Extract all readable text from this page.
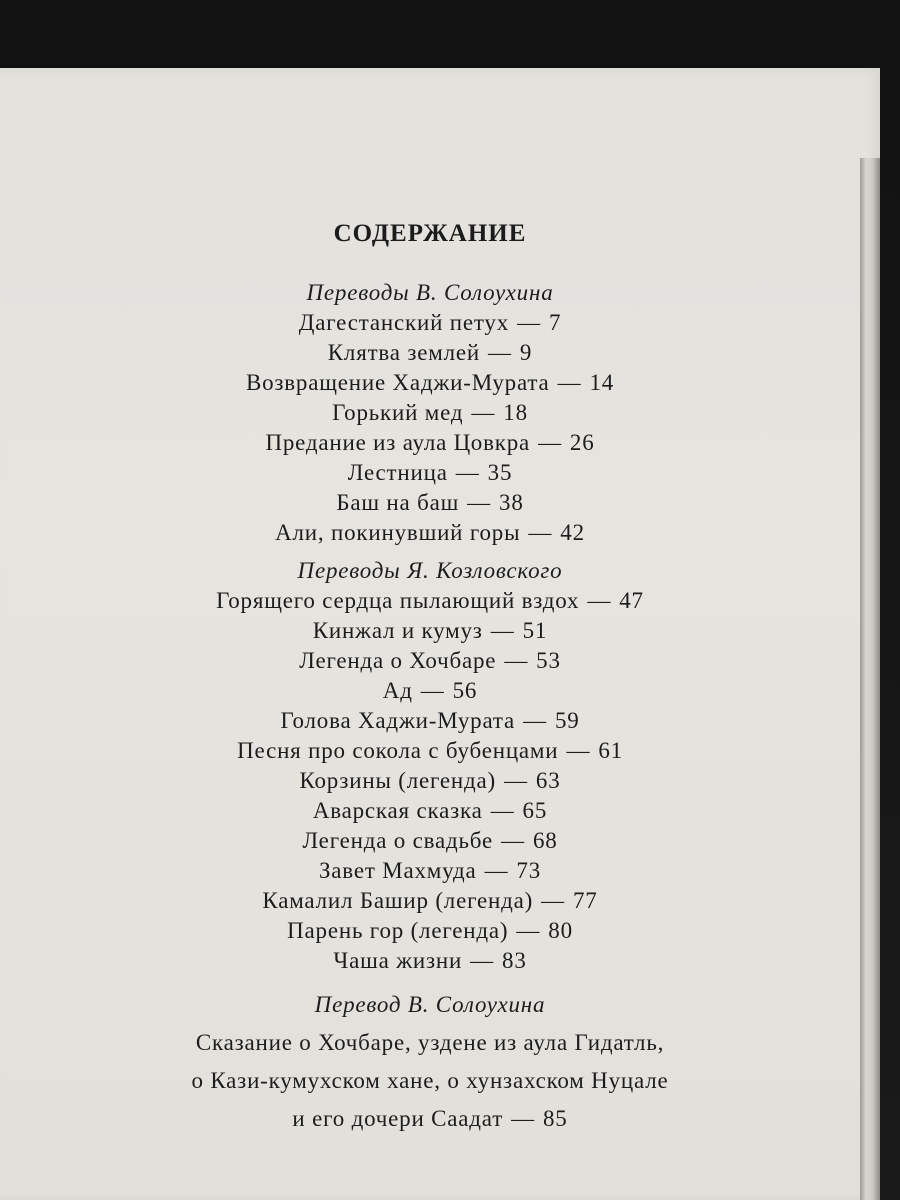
СОДЕРЖАНИЕ
Переводы В. Солоухина
Дагестанский петух — 7
Клятва землей — 9
Возвращение Хаджи-Мурата — 14
Горький мед — 18
Предание из аула Цовкра — 26
Лестница — 35
Баш на баш — 38
Али, покинувший горы — 42
Переводы Я. Козловского
Горящего сердца пылающий вздох — 47
Кинжал и кумуз — 51
Легенда о Хочбаре — 53
Ад — 56
Голова Хаджи-Мурата — 59
Песня про сокола с бубенцами — 61
Корзины (легенда) — 63
Аварская сказка — 65
Легенда о свадьбе — 68
Завет Махмуда — 73
Камалил Башир (легенда) — 77
Парень гор (легенда) — 80
Чаша жизни — 83
Перевод В. Солоухина
Сказание о Хочбаре, уздене из аула Гидатль,
о Кази-кумухском хане, о хунзахском Нуцале
и его дочери Саадат — 85
